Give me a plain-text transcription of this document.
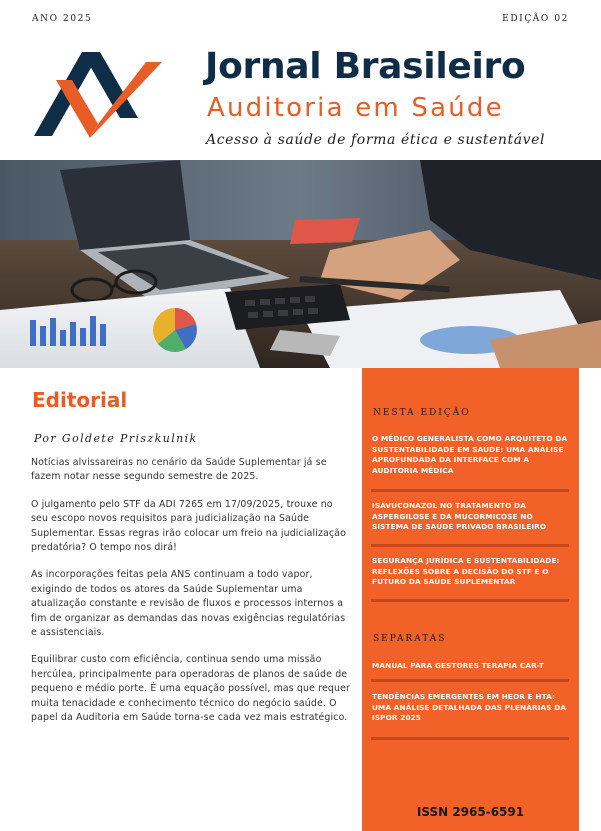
ANO 2025	EDIÇÃO 02
Jornal Brasileiro
Auditoria em Saúde
Acesso à saúde de forma ética e sustentável
Editorial
Por Goldete Priszkulnik

Notícias alvissareiras no cenário da Saúde Suplementar já se fazem notar nesse segundo semestre de 2025.

O julgamento pelo STF da ADI 7265 em 17/09/2025, trouxe no seu escopo novos requisitos para judicialização na Saúde Suplementar. Essas regras irão colocar um freio na judicialização predatória? O tempo nos dirá!

As incorporações feitas pela ANS continuam a todo vapor, exigindo de todos os atores da Saúde Suplementar uma atualização constante e revisão de fluxos e processos internos a fim de organizar as demandas das novas exigências regulatórias e assistenciais.

Equilibrar custo com eficiência, continua sendo uma missão hercúlea, principalmente para operadoras de planos de saúde de pequeno e médio porte. É uma equação possível, mas que requer muita tenacidade e conhecimento técnico do negócio saúde. O papel da Auditoria em Saúde torna-se cada vez mais estratégico.

NESTA EDIÇÃO
O MÉDICO GENERALISTA COMO ARQUITETO DA SUSTENTABILIDADE EM SAÚDE: UMA ANÁLISE APROFUNDADA DA INTERFACE COM A AUDITORIA MÉDICA
ISAVUCONAZOL NO TRATAMENTO DA ASPERGILOSE E DA MUCORMICOSE NO SISTEMA DE SAÚDE PRIVADO BRASILEIRO
SEGURANÇA JURÍDICA E SUSTENTABILIDADE: REFLEXÕES SOBRE A DECISÃO DO STF E O FUTURO DA SAÚDE SUPLEMENTAR
SEPARATAS
MANUAL PARA GESTORES TERAPIA CAR-T
TENDÊNCIAS EMERGENTES EM HEOR E HTA: UMA ANÁLISE DETALHADA DAS PLENÁRIAS DA ISPOR 2025
ISSN 2965-6591
